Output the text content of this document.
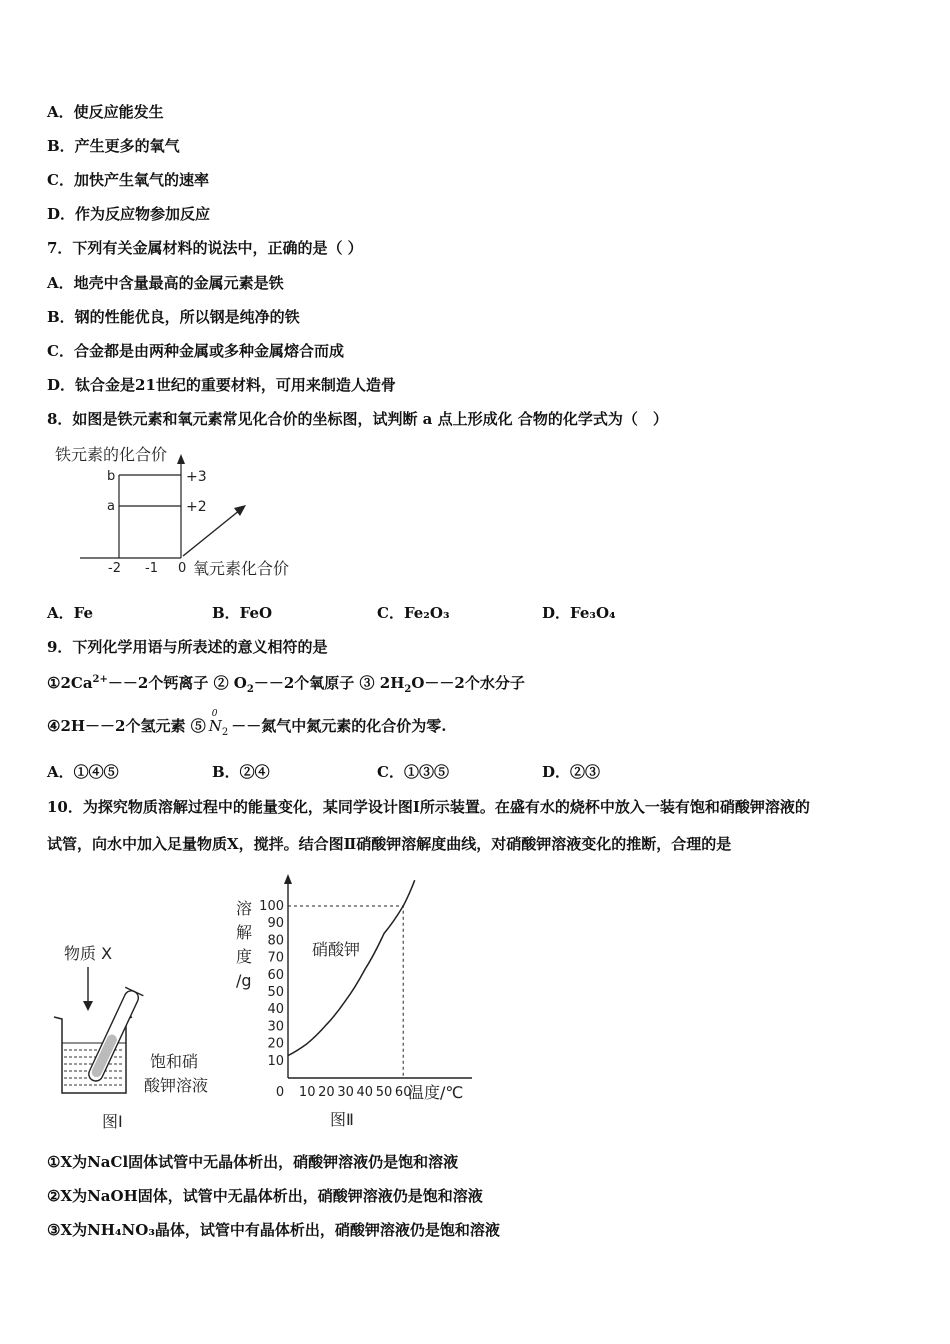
A．使反应能发生
B．产生更多的氧气
C．加快产生氧气的速率
D．作为反应物参加反应
7．下列有关金属材料的说法中，正确的是（ ）
A．地壳中含量最高的金属元素是铁
B．钢的性能优良，所以钢是纯净的铁
C．合金都是由两种金属或多种金属熔合而成
D．钛合金是21世纪的重要材料，可用来制造人造骨
8．如图是铁元素和氧元素常见化合价的坐标图，试判断 a 点上形成化 合物的化学式为（　）
铁元素的化合价
b
a
+3
+2
-2 -1 0 氧元素化合价
A．Fe	B．FeO	C．Fe₂O₃	D．Fe₃O₄
9．下列化学用语与所表述的意义相符的是
$①2Ca^{2+}--2$个钙离子 ② $O_2--2$个氧原子 ③ $2H_2O--2$个水分子
④2H－－2个氢元素 ⑤
0
$N_2$ －－氮气中氮元素的化合价为零.
A．①④⑤	B．②④	C．①③⑤	D．②③
10．为探究物质溶解过程中的能量变化，某同学设计图Ⅰ所示装置。在盛有水的烧杯中放入一装有饱和硝酸钾溶液的
试管，向水中加入足量物质X，搅拌。结合图Ⅱ硝酸钾溶解度曲线，对硝酸钾溶液变化的推断，合理的是
物质 X
饱和硝
酸钾溶液
图Ⅰ
溶
解
度
/g
100
90
80
70
60
50
40
30
20
10
0 10 20 30 40 50 60
硝酸钾
温度/℃
图Ⅱ
①X为NaCl固体试管中无晶体析出，硝酸钾溶液仍是饱和溶液
②X为NaOH固体，试管中无晶体析出，硝酸钾溶液仍是饱和溶液
③X为NH₄NO₃晶体，试管中有晶体析出，硝酸钾溶液仍是饱和溶液
